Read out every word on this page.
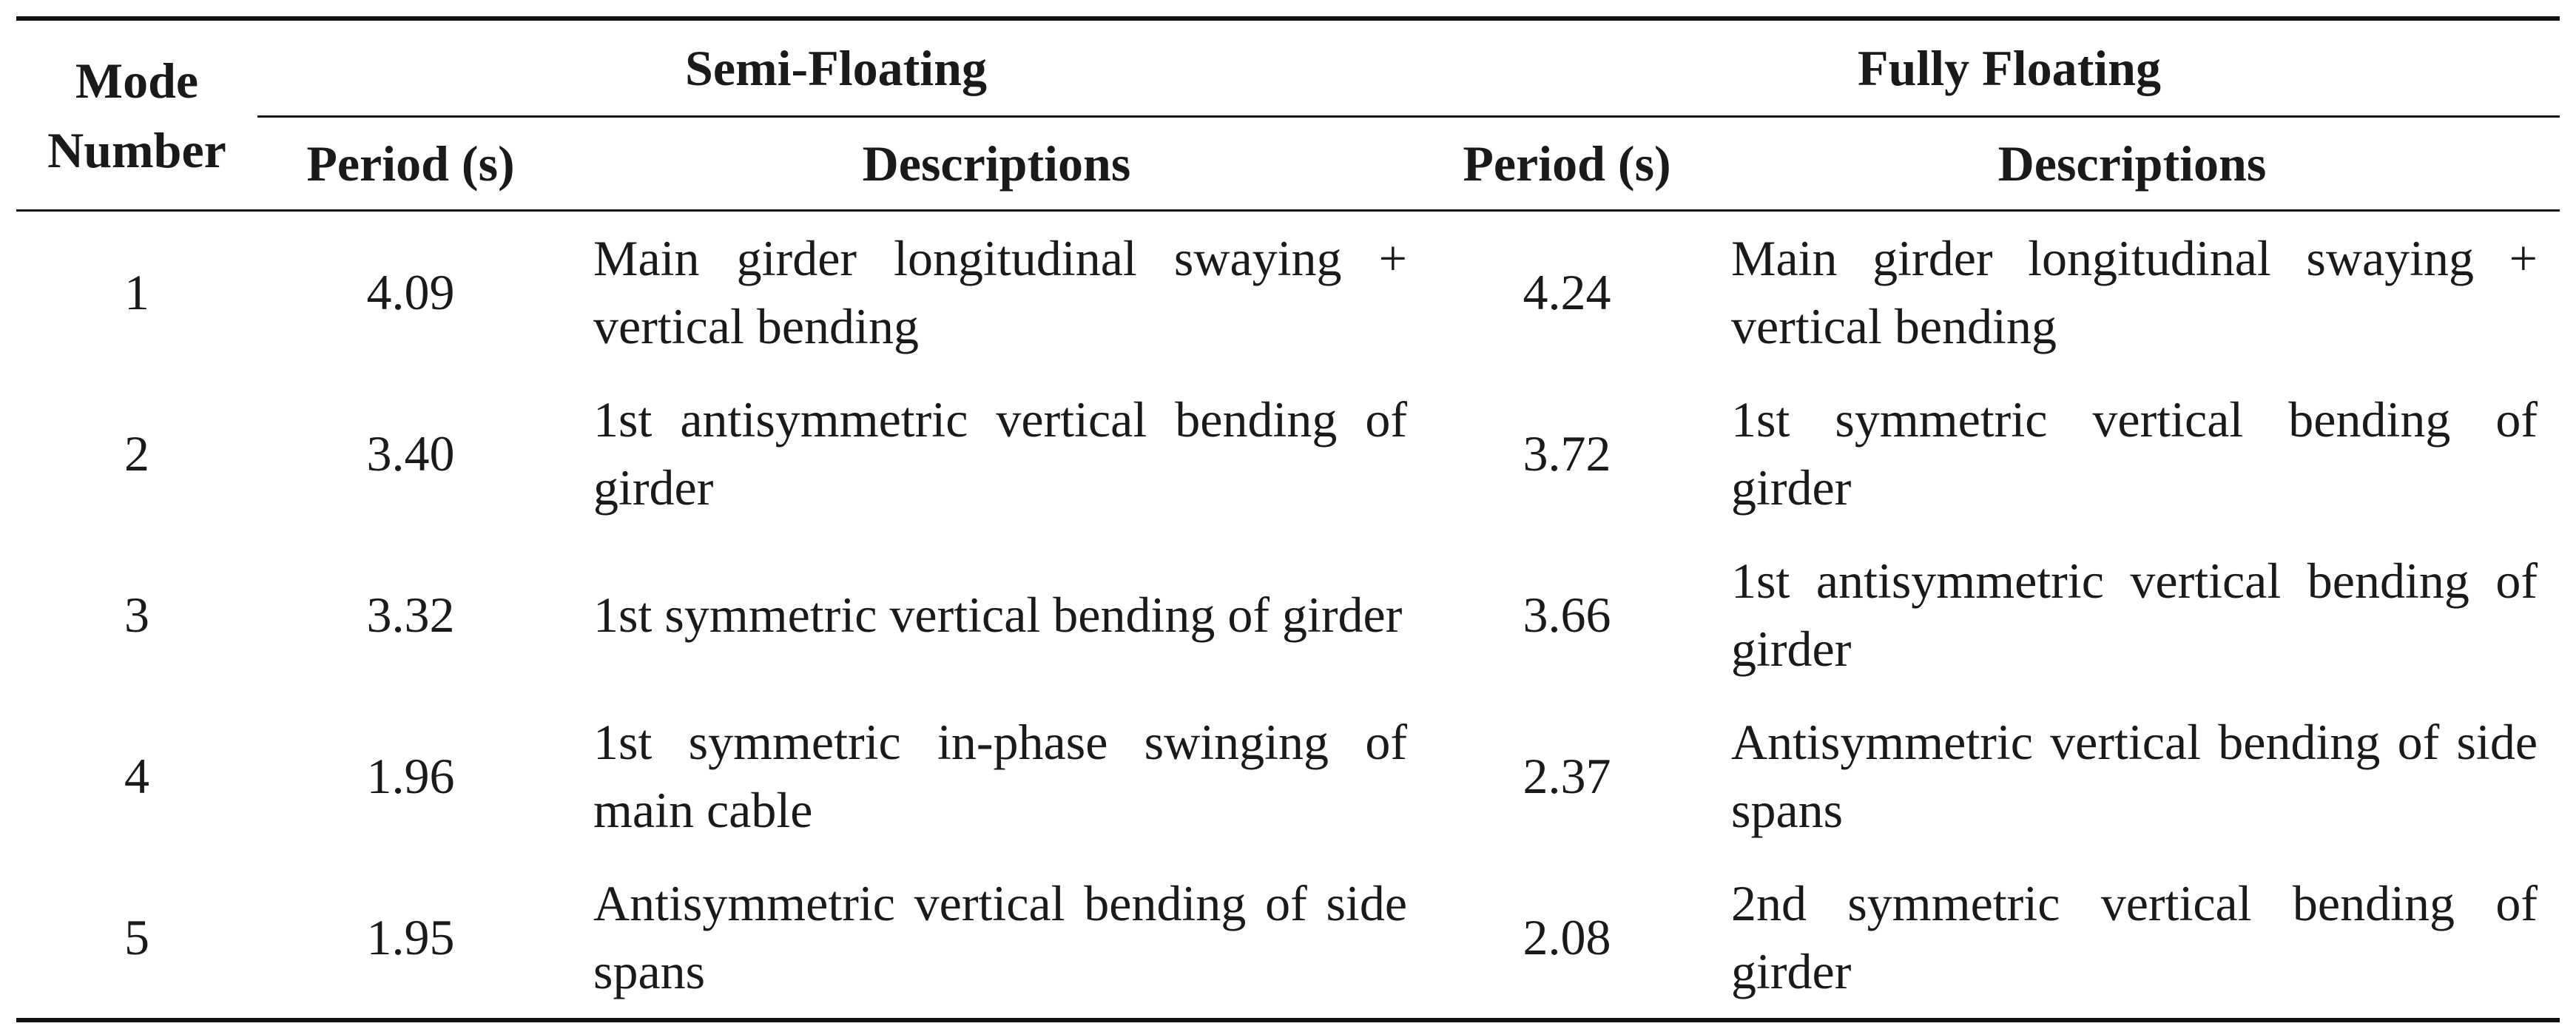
Mode Number	Semi-Floating		Fully Floating	
	Period (s)	Descriptions	Period (s)	Descriptions
1	4.09	Main girder longitudinal swaying + vertical bending	4.24	Main girder longitudinal swaying + vertical bending
2	3.40	1st antisymmetric vertical bending of girder	3.72	1st symmetric vertical bending of girder
3	3.32	1st symmetric vertical bending of girder	3.66	1st antisymmetric vertical bending of girder
4	1.96	1st symmetric in-phase swinging of main cable	2.37	Antisymmetric vertical bending of side spans
5	1.95	Antisymmetric vertical bending of side spans	2.08	2nd symmetric vertical bending of girder
